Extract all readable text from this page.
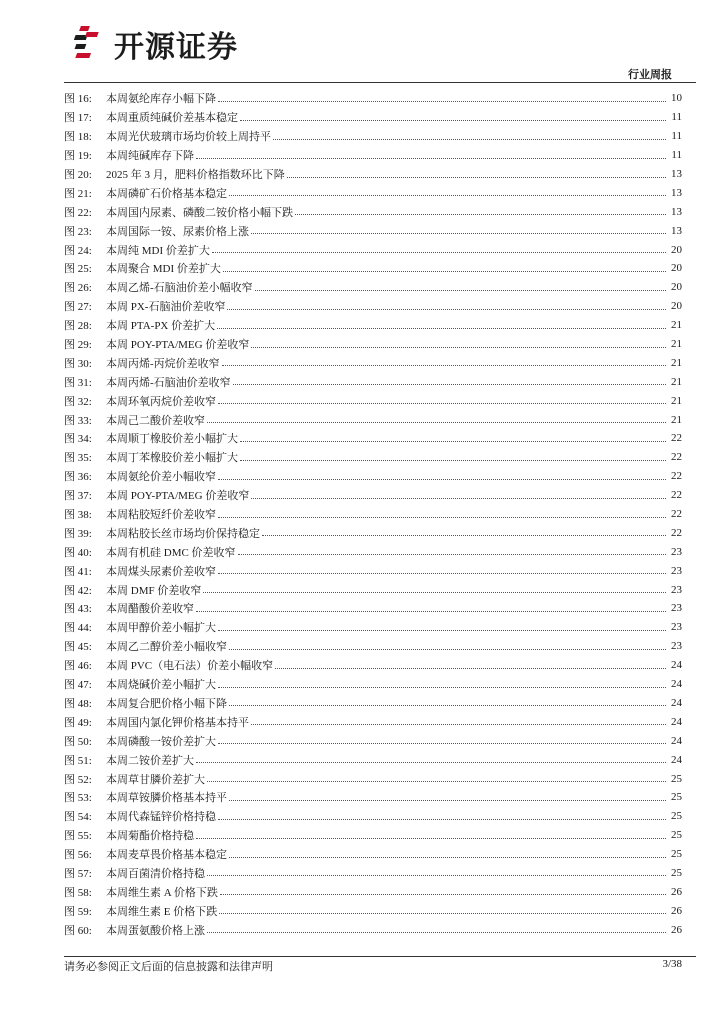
开源证券
行业周报
图 16:	本周氨纶库存小幅下降	10
图 17:	本周重质纯碱价差基本稳定	11
图 18:	本周光伏玻璃市场均价较上周持平	11
图 19:	本周纯碱库存下降	11
图 20:	2025 年 3 月，肥料价格指数环比下降	13
图 21:	本周磷矿石价格基本稳定	13
图 22:	本周国内尿素、磷酸二铵价格小幅下跌	13
图 23:	本周国际一铵、尿素价格上涨	13
图 24:	本周纯 MDI 价差扩大	20
图 25:	本周聚合 MDI 价差扩大	20
图 26:	本周乙烯-石脑油价差小幅收窄	20
图 27:	本周 PX-石脑油价差收窄	20
图 28:	本周 PTA-PX 价差扩大	21
图 29:	本周 POY-PTA/MEG 价差收窄	21
图 30:	本周丙烯-丙烷价差收窄	21
图 31:	本周丙烯-石脑油价差收窄	21
图 32:	本周环氧丙烷价差收窄	21
图 33:	本周己二酸价差收窄	21
图 34:	本周顺丁橡胶价差小幅扩大	22
图 35:	本周丁苯橡胶价差小幅扩大	22
图 36:	本周氨纶价差小幅收窄	22
图 37:	本周 POY-PTA/MEG 价差收窄	22
图 38:	本周粘胶短纤价差收窄	22
图 39:	本周粘胶长丝市场均价保持稳定	22
图 40:	本周有机硅 DMC 价差收窄	23
图 41:	本周煤头尿素价差收窄	23
图 42:	本周 DMF 价差收窄	23
图 43:	本周醋酸价差收窄	23
图 44:	本周甲醇价差小幅扩大	23
图 45:	本周乙二醇价差小幅收窄	23
图 46:	本周 PVC（电石法）价差小幅收窄	24
图 47:	本周烧碱价差小幅扩大	24
图 48:	本周复合肥价格小幅下降	24
图 49:	本周国内氯化钾价格基本持平	24
图 50:	本周磷酸一铵价差扩大	24
图 51:	本周二铵价差扩大	24
图 52:	本周草甘膦价差扩大	25
图 53:	本周草铵膦价格基本持平	25
图 54:	本周代森锰锌价格持稳	25
图 55:	本周菊酯价格持稳	25
图 56:	本周麦草畏价格基本稳定	25
图 57:	本周百菌清价格持稳	25
图 58:	本周维生素 A 价格下跌	26
图 59:	本周维生素 E 价格下跌	26
图 60:	本周蛋氨酸价格上涨	26
请务必参阅正文后面的信息披露和法律声明	3/38
